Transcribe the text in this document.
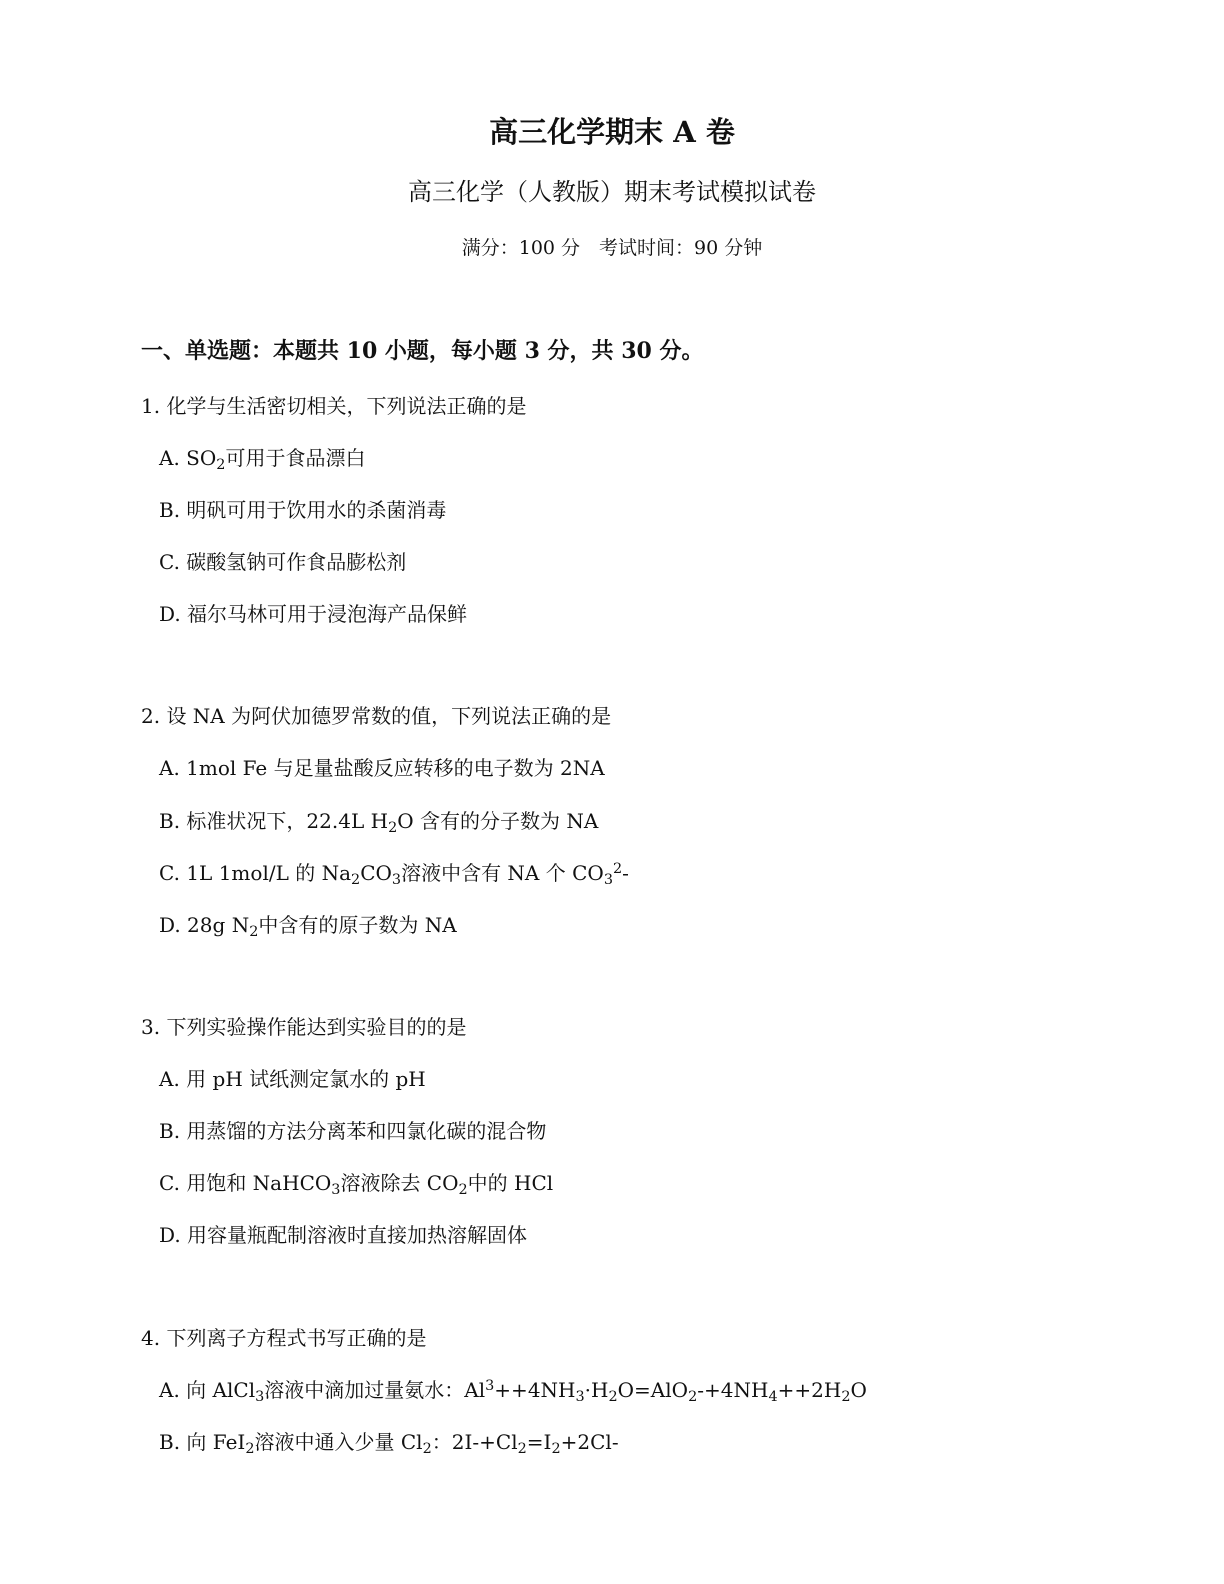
高三化学期末 A 卷

高三化学（人教版）期末考试模拟试卷

满分：100 分　考试时间：90 分钟

一、单选题：本题共 10 小题，每小题 3 分，共 30 分。
1. 化学与生活密切相关，下列说法正确的是
A. $SO_2$可用于食品漂白
B. 明矾可用于饮用水的杀菌消毒
C. 碳酸氢钠可作食品膨松剂
D. 福尔马林可用于浸泡海产品保鲜
2. 设 NA 为阿伏加德罗常数的值，下列说法正确的是
A. 1mol Fe 与足量盐酸反应转移的电子数为 2NA
B. 标准状况下，22.4L $H_2O$ 含有的分子数为 NA
C. 1L 1mol/L 的 $Na_2CO_3$溶液中含有 NA 个 $CO_3^2-$
D. 28g $N_2$中含有的原子数为 NA
3. 下列实验操作能达到实验目的的是
A. 用 pH 试纸测定氯水的 pH
B. 用蒸馏的方法分离苯和四氯化碳的混合物
C. 用饱和 NaHCO$_3$溶液除去 $CO_2$中的 HCl
D. 用容量瓶配制溶液时直接加热溶解固体
4. 下列离子方程式书写正确的是
A. 向 AlCl$_3$溶液中滴加过量氨水：$Al^3++4NH_3\cdot H_2O=AlO_2-+4NH_4++2H_2O$
B. 向 FeI$_2$溶液中通入少量 $Cl_2$：$2I-+Cl_2=I_2+2Cl-$
